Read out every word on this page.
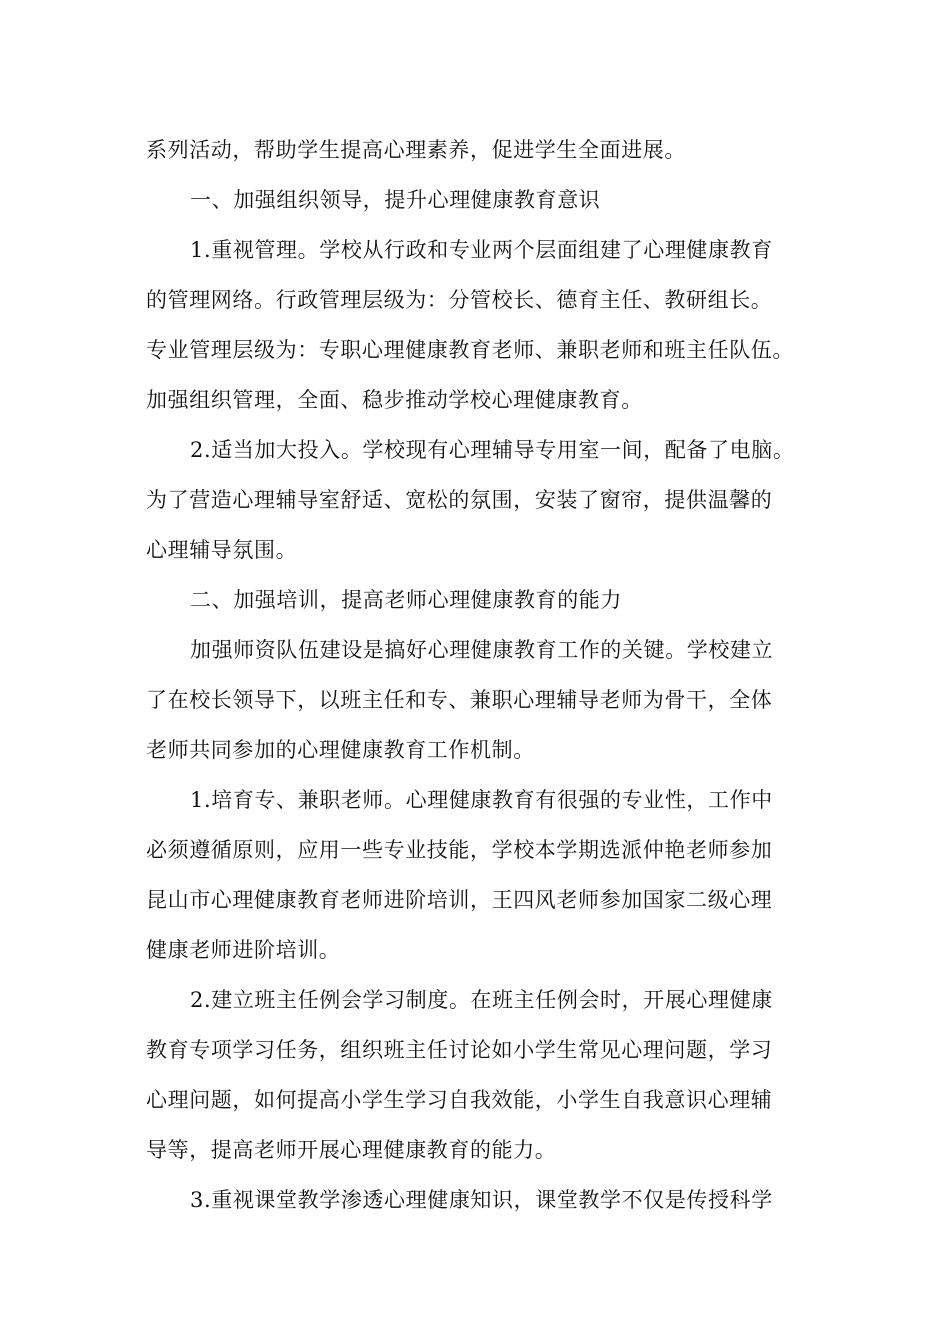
系列活动，帮助学生提高心理素养，促进学生全面进展。
一、加强组织领导，提升心理健康教育意识
1.重视管理。学校从行政和专业两个层面组建了心理健康教育
的管理网络。行政管理层级为：分管校长、德育主任、教研组长。
专业管理层级为：专职心理健康教育老师、兼职老师和班主任队伍。
加强组织管理，全面、稳步推动学校心理健康教育。
2.适当加大投入。学校现有心理辅导专用室一间，配备了电脑。
为了营造心理辅导室舒适、宽松的氛围，安装了窗帘，提供温馨的
心理辅导氛围。
二、加强培训，提高老师心理健康教育的能力
加强师资队伍建设是搞好心理健康教育工作的关键。学校建立
了在校长领导下，以班主任和专、兼职心理辅导老师为骨干，全体
老师共同参加的心理健康教育工作机制。
1.培育专、兼职老师。心理健康教育有很强的专业性，工作中
必须遵循原则，应用一些专业技能，学校本学期选派仲艳老师参加
昆山市心理健康教育老师进阶培训，王四风老师参加国家二级心理
健康老师进阶培训。
2.建立班主任例会学习制度。在班主任例会时，开展心理健康
教育专项学习任务，组织班主任讨论如小学生常见心理问题，学习
心理问题，如何提高小学生学习自我效能，小学生自我意识心理辅
导等，提高老师开展心理健康教育的能力。
3.重视课堂教学渗透心理健康知识，课堂教学不仅是传授科学
